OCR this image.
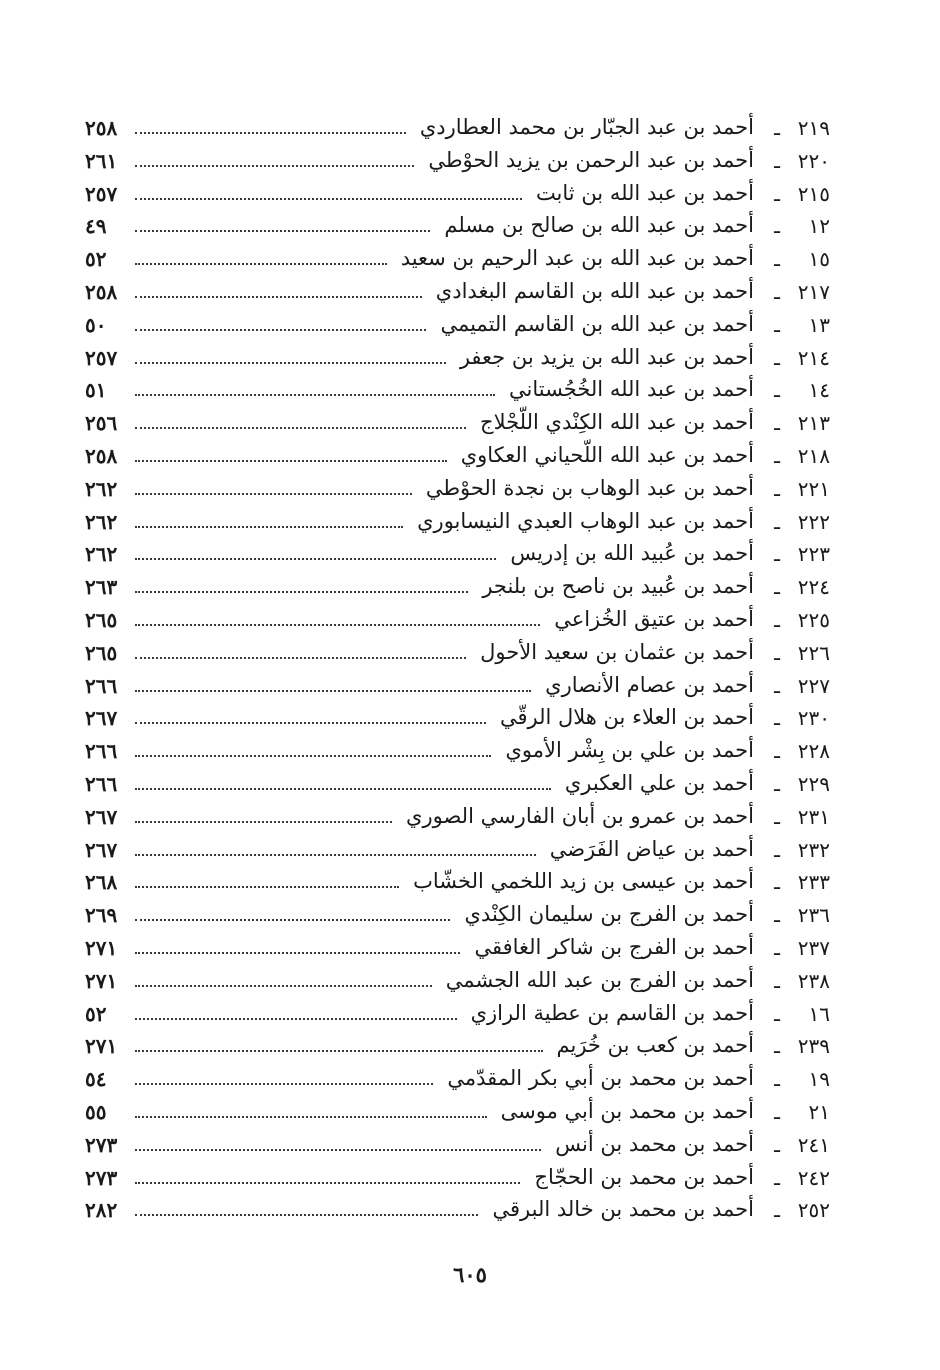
٢١٩
ـ
أحمد بن عبد الجبّار بن محمد العطاردي
٢٥٨
٢٢٠
ـ
أحمد بن عبد الرحمن بن يزيد الحوْطي
٢٦١
٢١٥
ـ
أحمد بن عبد الله بن ثابت
٢٥٧
١٢
ـ
أحمد بن عبد الله بن صالح بن مسلم
٤٩
١٥
ـ
أحمد بن عبد الله بن عبد الرحيم بن سعيد
٥٢
٢١٧
ـ
أحمد بن عبد الله بن القاسم البغدادي
٢٥٨
١٣
ـ
أحمد بن عبد الله بن القاسم التميمي
٥٠
٢١٤
ـ
أحمد بن عبد الله بن يزيد بن جعفر
٢٥٧
١٤
ـ
أحمد بن عبد الله الخُجُستاني
٥١
٢١٣
ـ
أحمد بن عبد الله الكِنْدي اللّجْلاج
٢٥٦
٢١٨
ـ
أحمد بن عبد الله اللّحياني العكاوي
٢٥٨
٢٢١
ـ
أحمد بن عبد الوهاب بن نجدة الحوْطي
٢٦٢
٢٢٢
ـ
أحمد بن عبد الوهاب العبدي النيسابوري
٢٦٢
٢٢٣
ـ
أحمد بن عُبيد الله بن إدريس
٢٦٢
٢٢٤
ـ
أحمد بن عُبيد بن ناصح بن بلنجر
٢٦٣
٢٢٥
ـ
أحمد بن عتيق الخُزاعي
٢٦٥
٢٢٦
ـ
أحمد بن عثمان بن سعيد الأحول
٢٦٥
٢٢٧
ـ
أحمد بن عصام الأنصاري
٢٦٦
٢٣٠
ـ
أحمد بن العلاء بن هلال الرقّي
٢٦٧
٢٢٨
ـ
أحمد بن علي بن بِشْر الأموي
٢٦٦
٢٢٩
ـ
أحمد بن علي العكبري
٢٦٦
٢٣١
ـ
أحمد بن عمرو بن أبان الفارسي الصوري
٢٦٧
٢٣٢
ـ
أحمد بن عياض الفَرَضي
٢٦٧
٢٣٣
ـ
أحمد بن عيسى بن زيد اللخمي الخشّاب
٢٦٨
٢٣٦
ـ
أحمد بن الفرج بن سليمان الكِنْدي
٢٦٩
٢٣٧
ـ
أحمد بن الفرج بن شاكر الغافقي
٢٧١
٢٣٨
ـ
أحمد بن الفرج بن عبد الله الجشمي
٢٧١
١٦
ـ
أحمد بن القاسم بن عطية الرازي
٥٢
٢٣٩
ـ
أحمد بن كعب بن خُرَيم
٢٧١
١٩
ـ
أحمد بن محمد بن أبي بكر المقدّمي
٥٤
٢١
ـ
أحمد بن محمد بن أبي موسى
٥٥
٢٤١
ـ
أحمد بن محمد بن أنس
٢٧٣
٢٤٢
ـ
أحمد بن محمد بن الحجّاج
٢٧٣
٢٥٢
ـ
أحمد بن محمد بن خالد البرقي
٢٨٢
٦٠٥
